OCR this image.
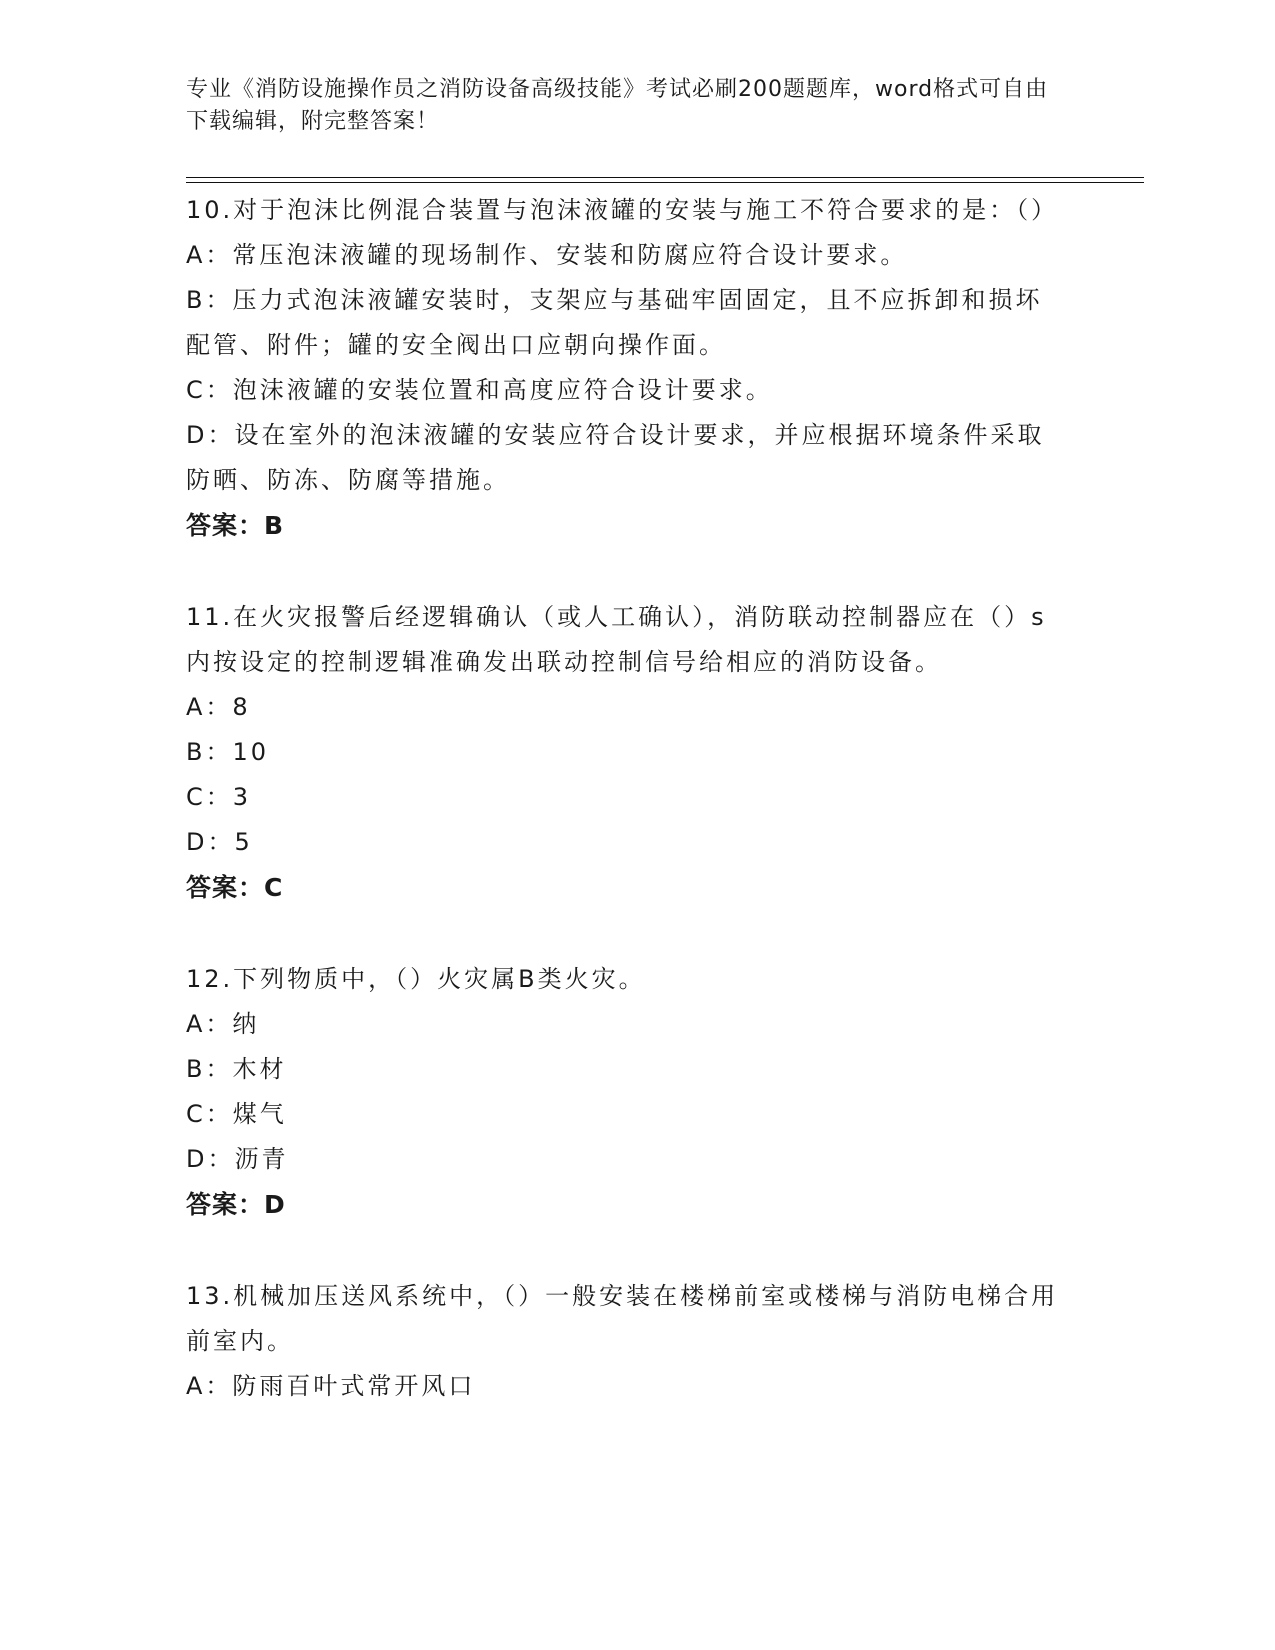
专业《消防设施操作员之消防设备高级技能》考试必刷200题题库，word格式可自由下载编辑，附完整答案！

10.对于泡沫比例混合装置与泡沫液罐的安装与施工不符合要求的是：（）

A：常压泡沫液罐的现场制作、安装和防腐应符合设计要求。

B：压力式泡沫液罐安装时，支架应与基础牢固固定，且不应拆卸和损坏配管、附件；罐的安全阀出口应朝向操作面。

C：泡沫液罐的安装位置和高度应符合设计要求。

D：设在室外的泡沫液罐的安装应符合设计要求，并应根据环境条件采取防晒、防冻、防腐等措施。

答案：B

11.在火灾报警后经逻辑确认（或人工确认），消防联动控制器应在（）s内按设定的控制逻辑准确发出联动控制信号给相应的消防设备。

A：8

B：10

C：3

D：5

答案：C

12.下列物质中，（）火灾属B类火灾。

A：纳

B：木材

C：煤气

D：沥青

答案：D

13.机械加压送风系统中，（）一般安装在楼梯前室或楼梯与消防电梯合用前室内。

A：防雨百叶式常开风口
